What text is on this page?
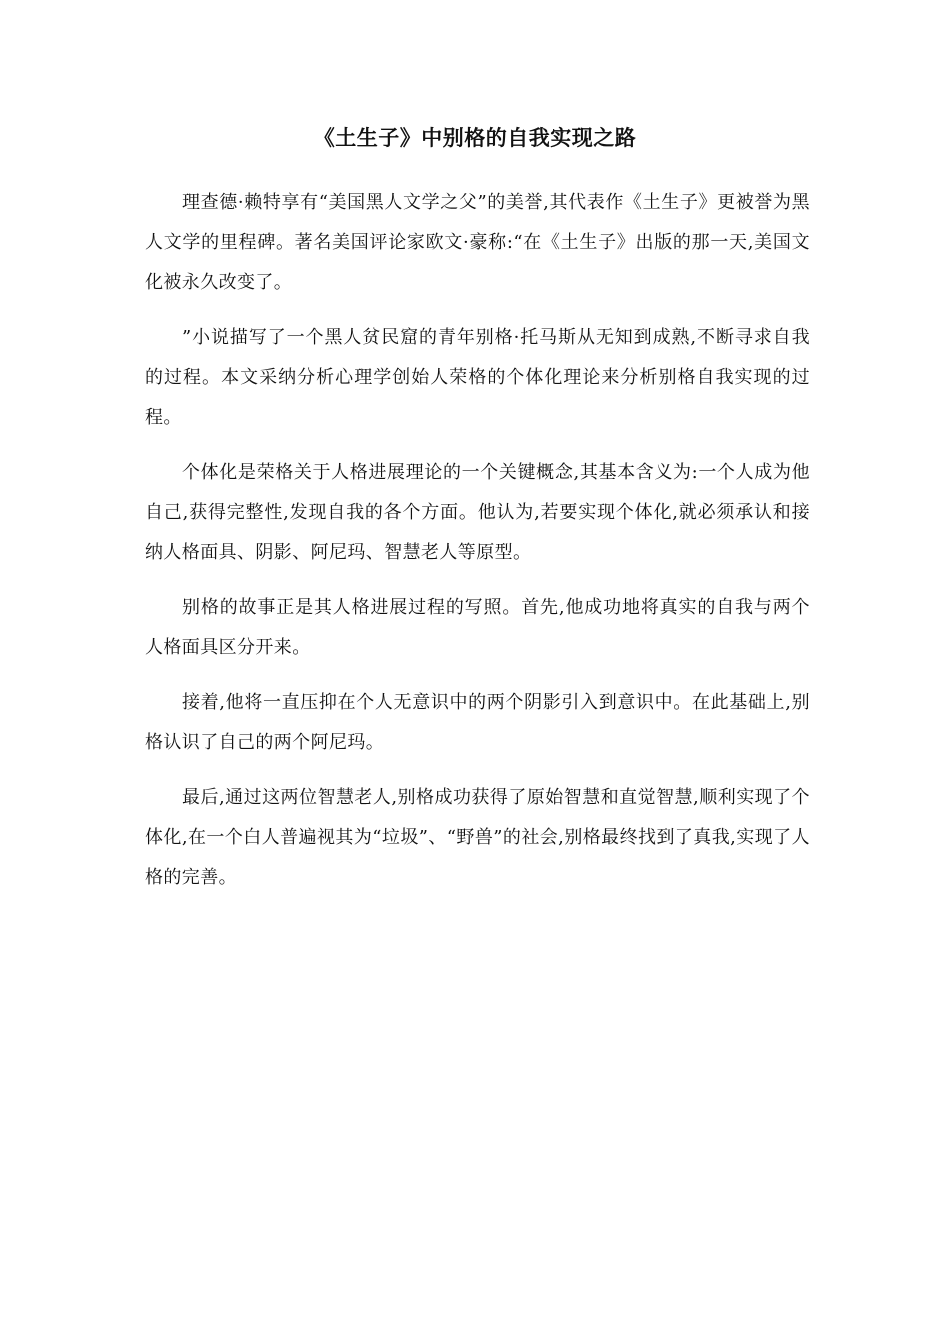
《土生子》中别格的自我实现之路

理查德·赖特享有“美国黑人文学之父”的美誉,其代表作《土生子》更被誉为黑人文学的里程碑。著名美国评论家欧文·豪称:“在《土生子》出版的那一天,美国文化被永久改变了。

”小说描写了一个黑人贫民窟的青年别格·托马斯从无知到成熟,不断寻求自我的过程。本文采纳分析心理学创始人荣格的个体化理论来分析别格自我实现的过程。

个体化是荣格关于人格进展理论的一个关键概念,其基本含义为:一个人成为他自己,获得完整性,发现自我的各个方面。他认为,若要实现个体化,就必须承认和接纳人格面具、阴影、阿尼玛、智慧老人等原型。

别格的故事正是其人格进展过程的写照。首先,他成功地将真实的自我与两个人格面具区分开来。

接着,他将一直压抑在个人无意识中的两个阴影引入到意识中。在此基础上,别格认识了自己的两个阿尼玛。

最后,通过这两位智慧老人,别格成功获得了原始智慧和直觉智慧,顺利实现了个体化,在一个白人普遍视其为“垃圾”、“野兽”的社会,别格最终找到了真我,实现了人格的完善。
